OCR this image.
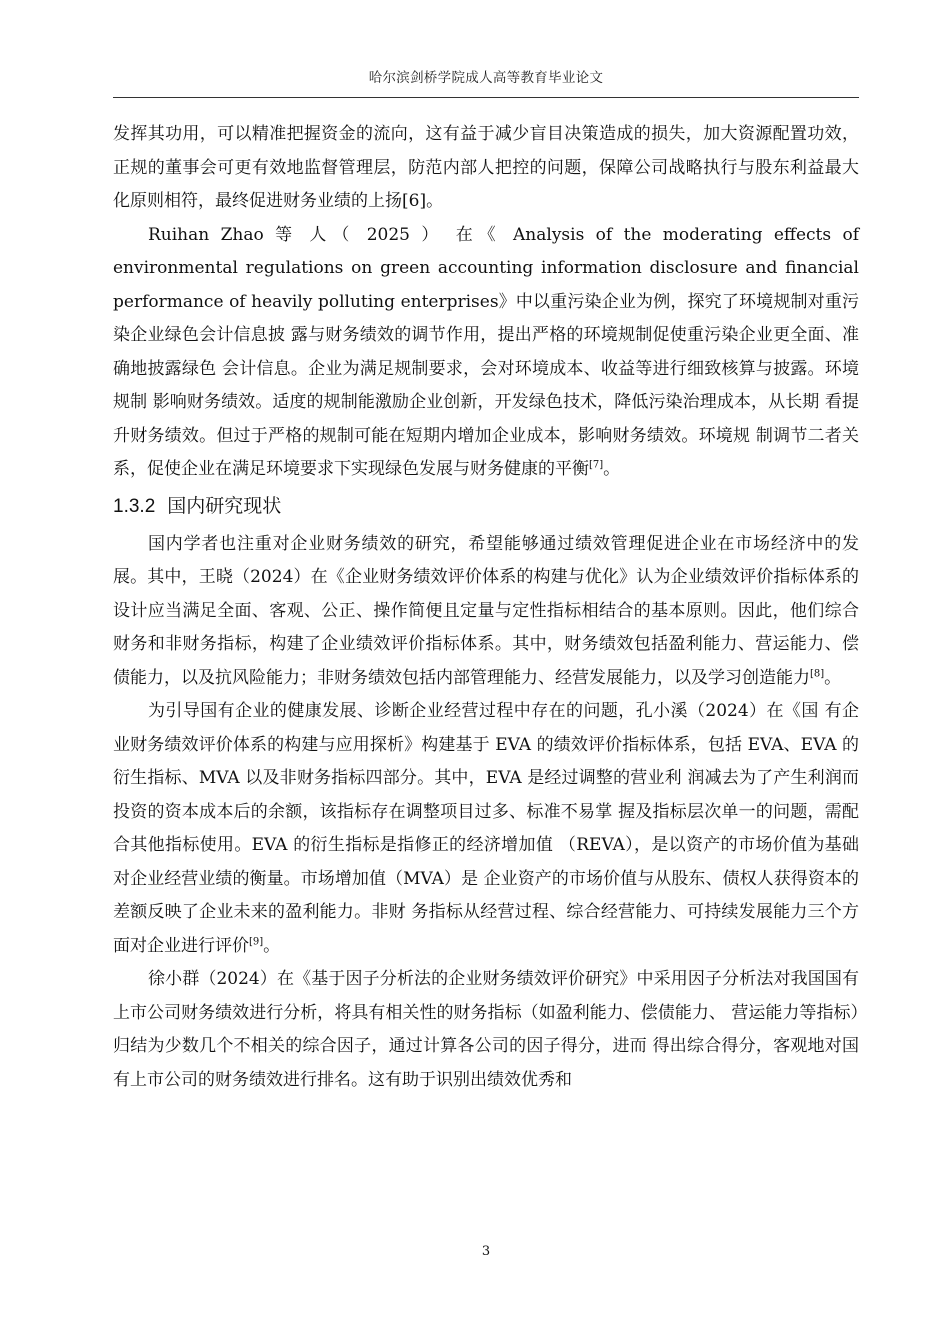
哈尔滨剑桥学院成人高等教育毕业论文

发挥其功用，可以精准把握资金的流向，这有益于减少盲目决策造成的损失，加大资源配置功效，正规的董事会可更有效地监督管理层，防范内部人把控的问题，保障公司战略执行与股东利益最大化原则相符，最终促进财务业绩的上扬[6]。

Ruihan Zhao 等 人（ 2025 ） 在《 Analysis of the moderating effects of environmental regulations on green accounting information disclosure and financial performance of heavily polluting enterprises》中以重污染企业为例，探究了环境规制对重污染企业绿色会计信息披 露与财务绩效的调节作用，提出严格的环境规制促使重污染企业更全面、准确地披露绿色 会计信息。企业为满足规制要求，会对环境成本、收益等进行细致核算与披露。环境规制 影响财务绩效。适度的规制能激励企业创新，开发绿色技术，降低污染治理成本，从长期 看提升财务绩效。但过于严格的规制可能在短期内增加企业成本，影响财务绩效。环境规 制调节二者关系，促使企业在满足环境要求下实现绿色发展与财务健康的平衡[7]。

1.3.2 国内研究现状

国内学者也注重对企业财务绩效的研究，希望能够通过绩效管理促进企业在市场经济中的发展。其中，王晓（2024）在《企业财务绩效评价体系的构建与优化》认为企业绩效评价指标体系的设计应当满足全面、客观、公正、操作简便且定量与定性指标相结合的基本原则。因此，他们综合财务和非财务指标，构建了企业绩效评价指标体系。其中，财务绩效包括盈利能力、营运能力、偿债能力，以及抗风险能力；非财务绩效包括内部管理能力、经营发展能力，以及学习创造能力[8]。

为引导国有企业的健康发展、诊断企业经营过程中存在的问题，孔小溪（2024）在《国 有企业财务绩效评价体系的构建与应用探析》构建基于 EVA 的绩效评价指标体系，包括 EVA、EVA 的衍生指标、MVA 以及非财务指标四部分。其中，EVA 是经过调整的营业利 润减去为了产生利润而投资的资本成本后的余额，该指标存在调整项目过多、标准不易掌 握及指标层次单一的问题，需配合其他指标使用。EVA 的衍生指标是指修正的经济增加值 （REVA），是以资产的市场价值为基础对企业经营业绩的衡量。市场增加值（MVA）是 企业资产的市场价值与从股东、债权人获得资本的差额反映了企业未来的盈利能力。非财 务指标从经营过程、综合经营能力、可持续发展能力三个方面对企业进行评价[9]。

徐小群（2024）在《基于因子分析法的企业财务绩效评价研究》中采用因子分析法对我国国有上市公司财务绩效进行分析，将具有相关性的财务指标（如盈利能力、偿债能力、 营运能力等指标）归结为少数几个不相关的综合因子，通过计算各公司的因子得分，进而 得出综合得分，客观地对国有上市公司的财务绩效进行排名。这有助于识别出绩效优秀和

3
